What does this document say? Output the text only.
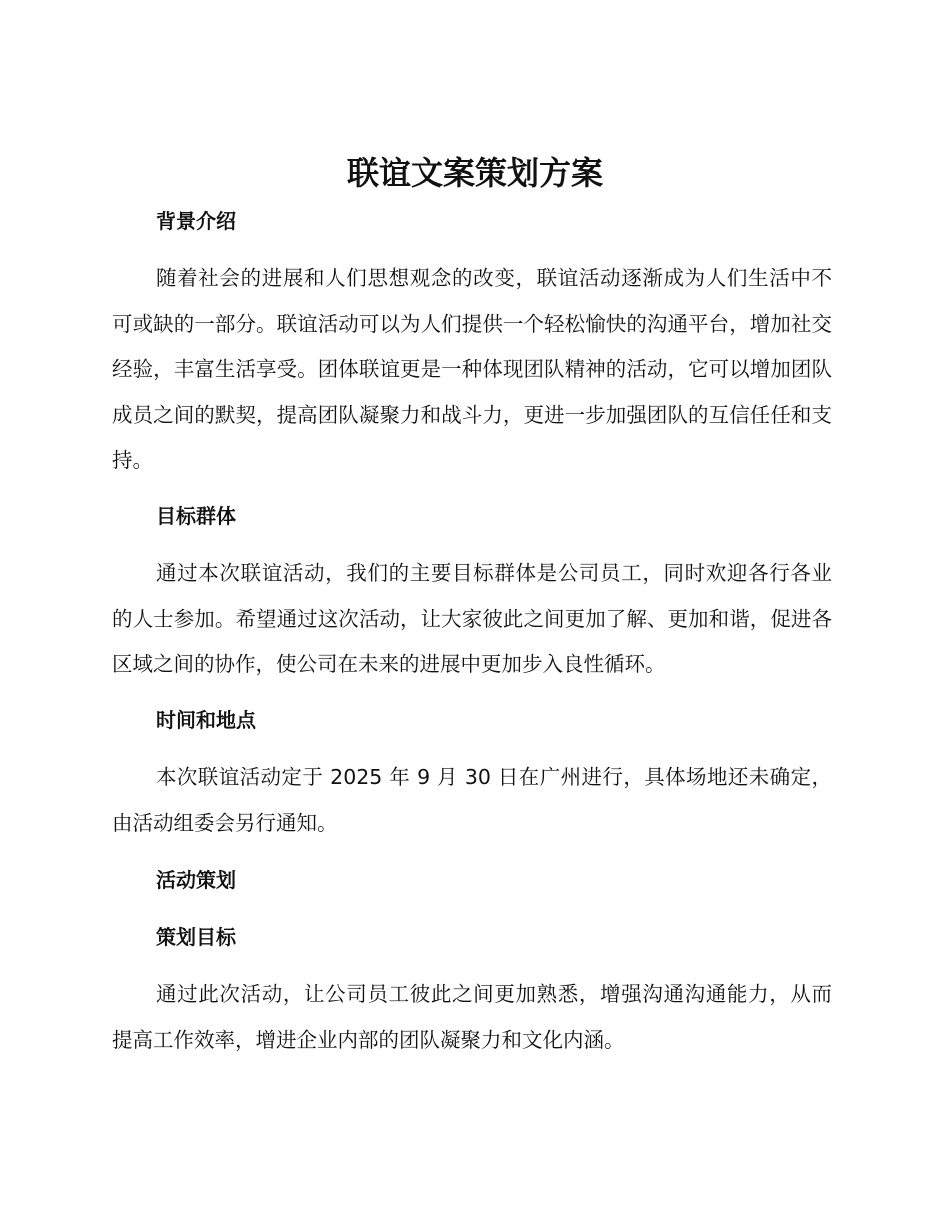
联谊文案策划方案
背景介绍

随着社会的进展和人们思想观念的改变，联谊活动逐渐成为人们生活中不可或缺的一部分。联谊活动可以为人们提供一个轻松愉快的沟通平台，增加社交经验，丰富生活享受。团体联谊更是一种体现团队精神的活动，它可以增加团队成员之间的默契，提高团队凝聚力和战斗力，更进一步加强团队的互信任任和支持。

目标群体

通过本次联谊活动，我们的主要目标群体是公司员工，同时欢迎各行各业的人士参加。希望通过这次活动，让大家彼此之间更加了解、更加和谐，促进各区域之间的协作，使公司在未来的进展中更加步入良性循环。

时间和地点

本次联谊活动定于 2025 年 9 月 30 日在广州进行，具体场地还未确定，由活动组委会另行通知。

活动策划
策划目标

通过此次活动，让公司员工彼此之间更加熟悉，增强沟通沟通能力，从而提高工作效率，增进企业内部的团队凝聚力和文化内涵。
